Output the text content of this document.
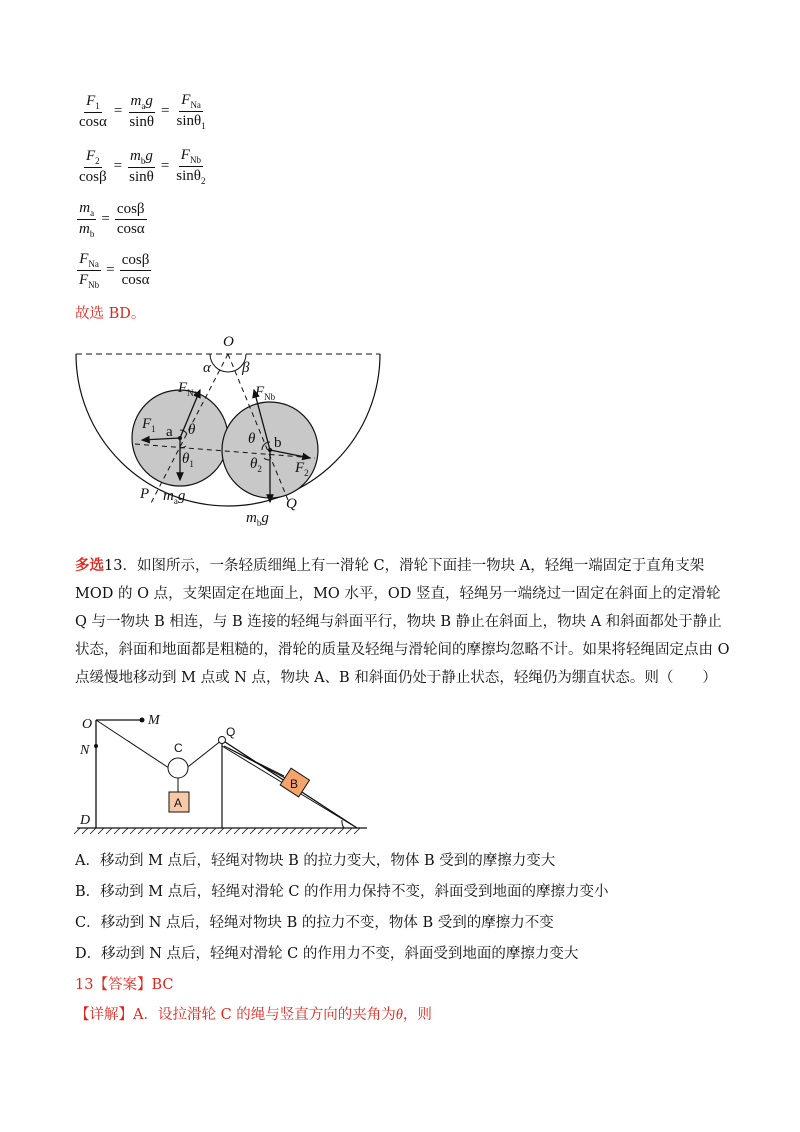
$\frac{F_1}{\cos\alpha}$ =
$m_ag$
sinθ
=
$F_{Na}$
sinθ$_1$
$\frac{F_2}{\cos\beta}$ =
$m_bg$
sinθ
=
$F_{Nb}$
sinθ$_2$
$\frac{m_a}{m_b} = \frac{\cos\beta}{\cos\alpha}$
$F_{Na}$
$F_{Nb}$
= $\frac{\cos\beta}{\cos\alpha}$
故选 BD。
O
α β
$F_{Na}$	$F_{Nb}$
$F_1$
$F_2$
a
b
θ
θ
$\theta_1$	$\theta_2$
P
Q
$m_ag$
$m_bg$
多选13．如图所示，一条轻质细绳上有一滑轮 C，滑轮下面挂一物块 A，轻绳一端固定于直角支架 MOD 的 O 点，支架固定在地面上，MO 水平，OD 竖直，轻绳另一端绕过一固定在斜面上的定滑轮 Q 与一物块 B 相连，与 B 连接的轻绳与斜面平行，物块 B 静止在斜面上，物块 A 和斜面都处于静止状态，斜面和地面都是粗糙的，滑轮的质量及轻绳与滑轮间的摩擦均忽略不计。如果将轻绳固定点由 O 点缓慢地移动到 M 点或 N 点，物块 A、B 和斜面仍处于静止状态，轻绳仍为绷直状态。则（　　）
O	M
N
D
C
Q
A
B
A．移动到 M 点后，轻绳对物块 B 的拉力变大，物体 B 受到的摩擦力变大
B．移动到 M 点后，轻绳对滑轮 C 的作用力保持不变，斜面受到地面的摩擦力变小
C．移动到 N 点后，轻绳对物块 B 的拉力不变，物体 B 受到的摩擦力不变
D．移动到 N 点后，轻绳对滑轮 C 的作用力不变，斜面受到地面的摩擦力变大
13【答案】BC
【详解】A．设拉滑轮 C 的绳与竖直方向的夹角为θ，则
